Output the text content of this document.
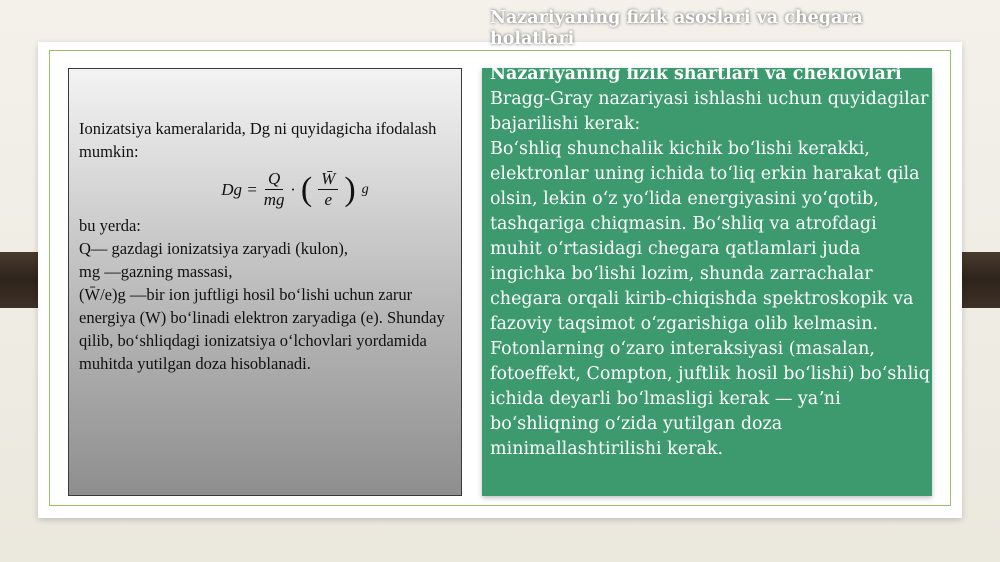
Ionizatsiya kameralarida, Dg ni quyidagicha ifodalash mumkin:

$Dg = \frac{Q}{mg}$ · ( $\frac{W̄}{e}$ ) g

bu yerda:

Q— gazdagi ionizatsiya zaryadi (kulon),

mg —gazning massasi,

(W̄/e)g —bir ion juftligi hosil boʻlishi uchun zarur energiya (W) boʻlinadi elektron zaryadiga (e). Shunday qilib, boʻshliqdagi ionizatsiya oʻlchovlari yordamida muhitda yutilgan doza hisoblanadi.

Nazariyaning fizik asoslari va chegara holatlari

Nazariyaning fizik shartlari va cheklovlari

Bragg-Gray nazariyasi ishlashi uchun quyidagilar bajarilishi kerak:

Boʻshliq shunchalik kichik boʻlishi kerakki, elektronlar uning ichida toʻliq erkin harakat qila olsin, lekin oʻz yoʻlida energiyasini yoʻqotib, tashqariga chiqmasin. Boʻshliq va atrofdagi muhit oʻrtasidagi chegara qatlamlari juda ingichka boʻlishi lozim, shunda zarrachalar chegara orqali kirib-chiqishda spektroskopik va fazoviy taqsimot oʻzgarishiga olib kelmasin. Fotonlarning oʻzaro interaksiyasi (masalan, fotoeffekt, Compton, juftlik hosil boʻlishi) boʻshliq ichida deyarli boʻlmasligi kerak — yaʼni boʻshliqning oʻzida yutilgan doza minimallashtirilishi kerak.
